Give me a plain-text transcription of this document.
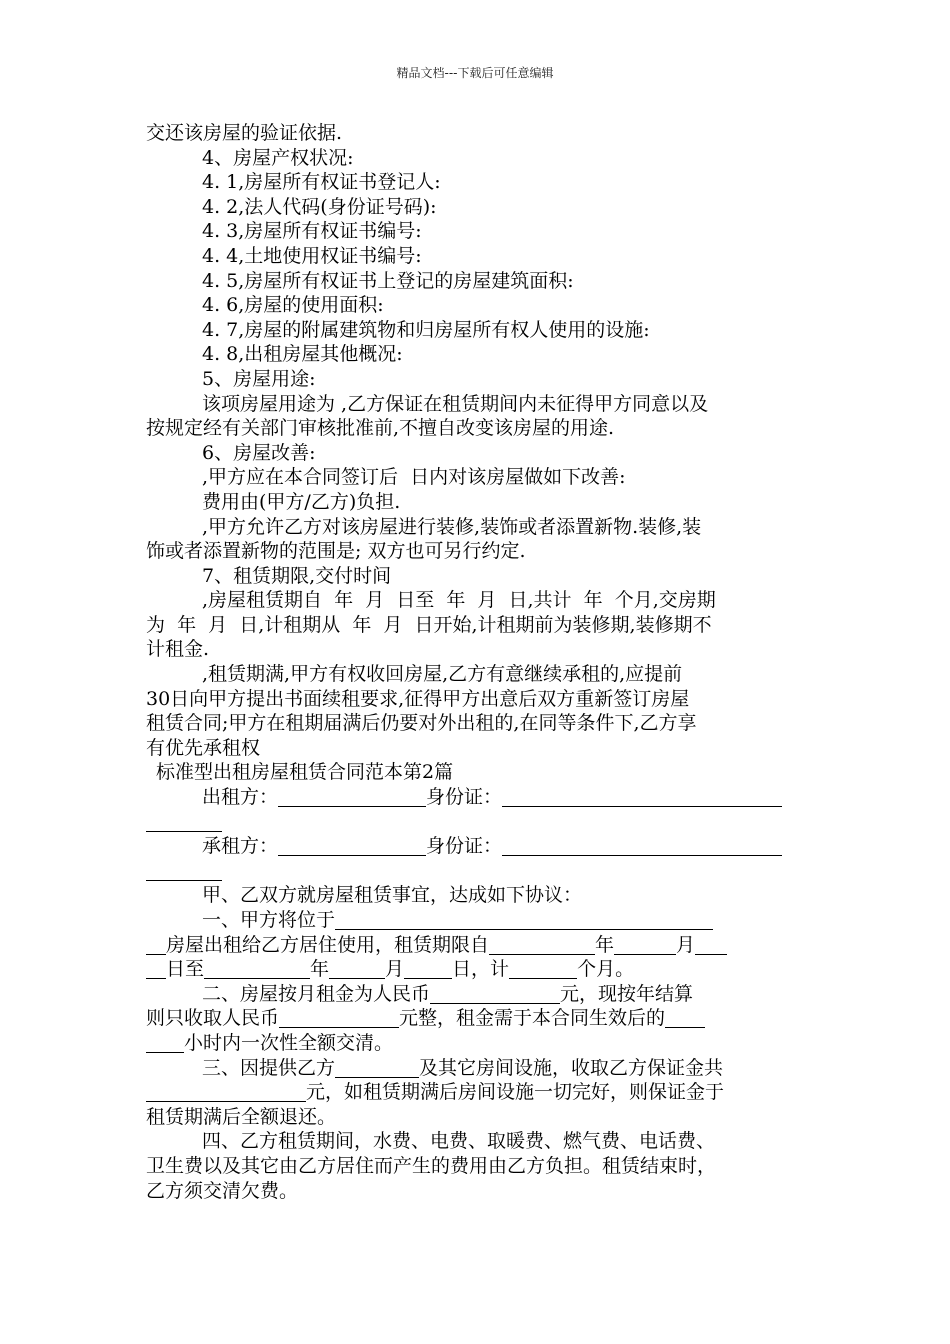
精品文档---下载后可任意编辑
交还该房屋的验证依据.
4、房屋产权状况:
4. 1,房屋所有权证书登记人:
4. 2,法人代码(身份证号码):
4. 3,房屋所有权证书编号:
4. 4,土地使用权证书编号:
4. 5,房屋所有权证书上登记的房屋建筑面积:
4. 6,房屋的使用面积:
4. 7,房屋的附属建筑物和归房屋所有权人使用的设施:
4. 8,出租房屋其他概况:
5、房屋用途:
该项房屋用途为 ,乙方保证在租赁期间内未征得甲方同意以及
按规定经有关部门审核批准前,不擅自改变该房屋的用途.
6、房屋改善:
,甲方应在本合同签订后  日内对该房屋做如下改善:
费用由(甲方/乙方)负担.
,甲方允许乙方对该房屋进行装修,装饰或者添置新物.装修,装
饰或者添置新物的范围是; 双方也可另行约定.
7、租赁期限,交付时间
,房屋租赁期自  年  月  日至  年  月  日,共计  年  个月,交房期
为  年  月  日,计租期从  年  月  日开始,计租期前为装修期,装修期不
计租金.
,租赁期满,甲方有权收回房屋,乙方有意继续承租的,应提前
30日向甲方提出书面续租要求,征得甲方出意后双方重新签订房屋
租赁合同;甲方在租期届满后仍要对外出租的,在同等条件下,乙方享
有优先承租权
标准型出租房屋租赁合同范本第2篇
出租方：	身份证：
承租方：	身份证：
甲、乙双方就房屋租赁事宜，达成如下协议：
一、甲方将位于
房屋出租给乙方居住使用，租赁期限自	年	月
日至	年	月	日，计	个月。
二、房屋按月租金为人民币	元，现按年结算
则只收取人民币	元整，租金需于本合同生效后的
小时内一次性全额交清。
三、因提供乙方	及其它房间设施，收取乙方保证金共
元，如租赁期满后房间设施一切完好，则保证金于
租赁期满后全额退还。
四、乙方租赁期间，水费、电费、取暖费、燃气费、电话费、
卫生费以及其它由乙方居住而产生的费用由乙方负担。租赁结束时，
乙方须交清欠费。
